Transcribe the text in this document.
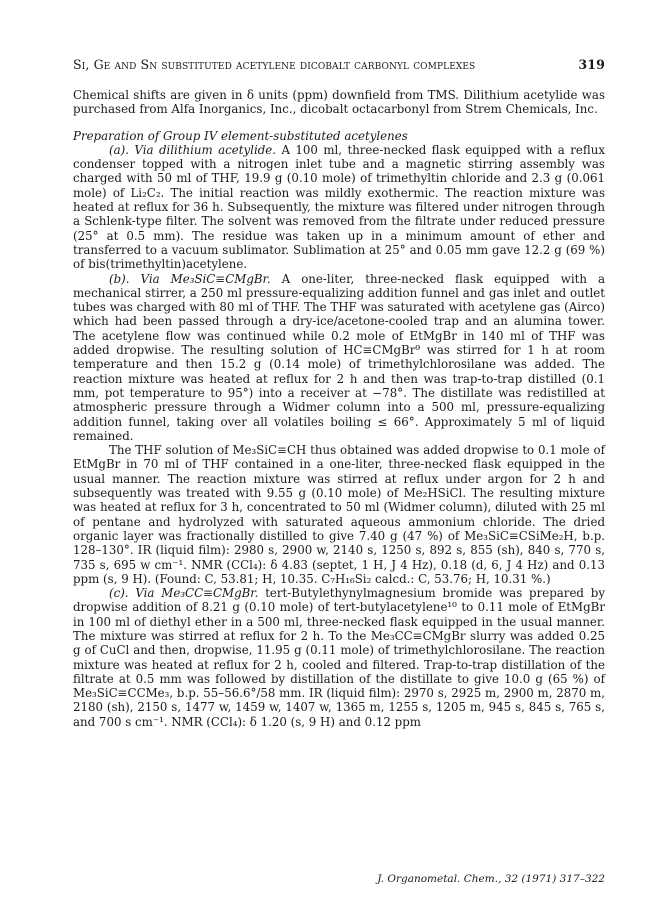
Si, Ge and Sn substituted acetylene dicobalt carbonyl complexes	319

Chemical shifts are given in δ units (ppm) downfield from TMS. Dilithium acetylide was purchased from Alfa Inorganics, Inc., dicobalt octacarbonyl from Strem Chemicals, Inc.

Preparation of Group IV element-substituted acetylenes

(a). Via dilithium acetylide. A 100 ml, three-necked flask equipped with a reflux condenser topped with a nitrogen inlet tube and a magnetic stirring assembly was charged with 50 ml of THF, 19.9 g (0.10 mole) of trimethyltin chloride and 2.3 g (0.061 mole) of Li₂C₂. The initial reaction was mildly exothermic. The reaction mixture was heated at reflux for 36 h. Subsequently, the mixture was filtered under nitrogen through a Schlenk-type filter. The solvent was removed from the filtrate under reduced pressure (25° at 0.5 mm). The residue was taken up in a minimum amount of ether and transferred to a vacuum sublimator. Sublimation at 25° and 0.05 mm gave 12.2 g (69 %) of bis(trimethyltin)acetylene.

(b). Via Me₃SiC≡CMgBr. A one-liter, three-necked flask equipped with a mechanical stirrer, a 250 ml pressure-equalizing addition funnel and gas inlet and outlet tubes was charged with 80 ml of THF. The THF was saturated with acetylene gas (Airco) which had been passed through a dry-ice/acetone-cooled trap and an alumina tower. The acetylene flow was continued while 0.2 mole of EtMgBr in 140 ml of THF was added dropwise. The resulting solution of HC≡CMgBr⁹ was stirred for 1 h at room temperature and then 15.2 g (0.14 mole) of trimethylchlorosilane was added. The reaction mixture was heated at reflux for 2 h and then was trap-to-trap distilled (0.1 mm, pot temperature to 95°) into a receiver at −78°. The distillate was redistilled at atmospheric pressure through a Widmer column into a 500 ml, pressure-equalizing addition funnel, taking over all volatiles boiling ≤ 66°. Approximately 5 ml of liquid remained.

The THF solution of Me₃SiC≡CH thus obtained was added dropwise to 0.1 mole of EtMgBr in 70 ml of THF contained in a one-liter, three-necked flask equipped in the usual manner. The reaction mixture was stirred at reflux under argon for 2 h and subsequently was treated with 9.55 g (0.10 mole) of Me₂HSiCl. The resulting mixture was heated at reflux for 3 h, concentrated to 50 ml (Widmer column), diluted with 25 ml of pentane and hydrolyzed with saturated aqueous ammonium chloride. The dried organic layer was fractionally distilled to give 7.40 g (47 %) of Me₃SiC≡CSiMe₂H, b.p. 128–130°. IR (liquid film): 2980 s, 2900 w, 2140 s, 1250 s, 892 s, 855 (sh), 840 s, 770 s, 735 s, 695 w cm⁻¹. NMR (CCl₄): δ 4.83 (septet, 1 H, J 4 Hz), 0.18 (d, 6, J 4 Hz) and 0.13 ppm (s, 9 H). (Found: C, 53.81; H, 10.35. C₇H₁₆Si₂ calcd.: C, 53.76; H, 10.31 %.)

(c). Via Me₃CC≡CMgBr. tert-Butylethynylmagnesium bromide was prepared by dropwise addition of 8.21 g (0.10 mole) of tert-butylacetylene¹⁰ to 0.11 mole of EtMgBr in 100 ml of diethyl ether in a 500 ml, three-necked flask equipped in the usual manner. The mixture was stirred at reflux for 2 h. To the Me₃CC≡CMgBr slurry was added 0.25 g of CuCl and then, dropwise, 11.95 g (0.11 mole) of trimethylchlorosilane. The reaction mixture was heated at reflux for 2 h, cooled and filtered. Trap-to-trap distillation of the filtrate at 0.5 mm was followed by distillation of the distillate to give 10.0 g (65 %) of Me₃SiC≡CCMe₃, b.p. 55–56.6°/58 mm. IR (liquid film): 2970 s, 2925 m, 2900 m, 2870 m, 2180 (sh), 2150 s, 1477 w, 1459 w, 1407 w, 1365 m, 1255 s, 1205 m, 945 s, 845 s, 765 s, and 700 s cm⁻¹. NMR (CCl₄): δ 1.20 (s, 9 H) and 0.12 ppm

J. Organometal. Chem., 32 (1971) 317–322
